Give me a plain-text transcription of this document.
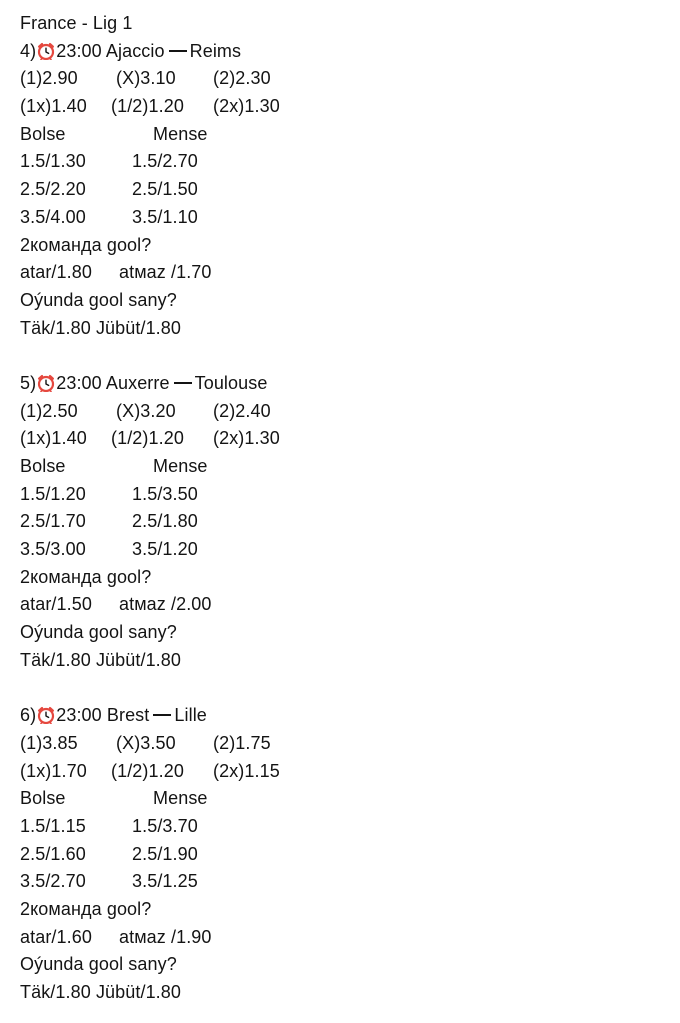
France - Lig 1
4) 23:00 Ajaccio Reims
(1)2.90 (X)3.10 (2)2.30
(1x)1.40 (1/2)1.20 (2x)1.30
Bolse	Mense
1.5/1.30	1.5/2.70
2.5/2.20	2.5/1.50
3.5/4.00	3.5/1.10
2команда gool?
atar/1.80 atмaz /1.70
Oýunda gool sany?
Täk/1.80 Jübüt/1.80
5) 23:00 Auxerre Toulouse
(1)2.50 (X)3.20 (2)2.40
(1x)1.40 (1/2)1.20 (2x)1.30
Bolse	Mense
1.5/1.20	1.5/3.50
2.5/1.70	2.5/1.80
3.5/3.00	3.5/1.20
2команда gool?
atar/1.50 atмaz /2.00
Oýunda gool sany?
Täk/1.80 Jübüt/1.80
6) 23:00 Brest Lille
(1)3.85 (X)3.50 (2)1.75
(1x)1.70 (1/2)1.20 (2x)1.15
Bolse	Mense
1.5/1.15	1.5/3.70
2.5/1.60	2.5/1.90
3.5/2.70	3.5/1.25
2команда gool?
atar/1.60 atмaz /1.90
Oýunda gool sany?
Täk/1.80 Jübüt/1.80
